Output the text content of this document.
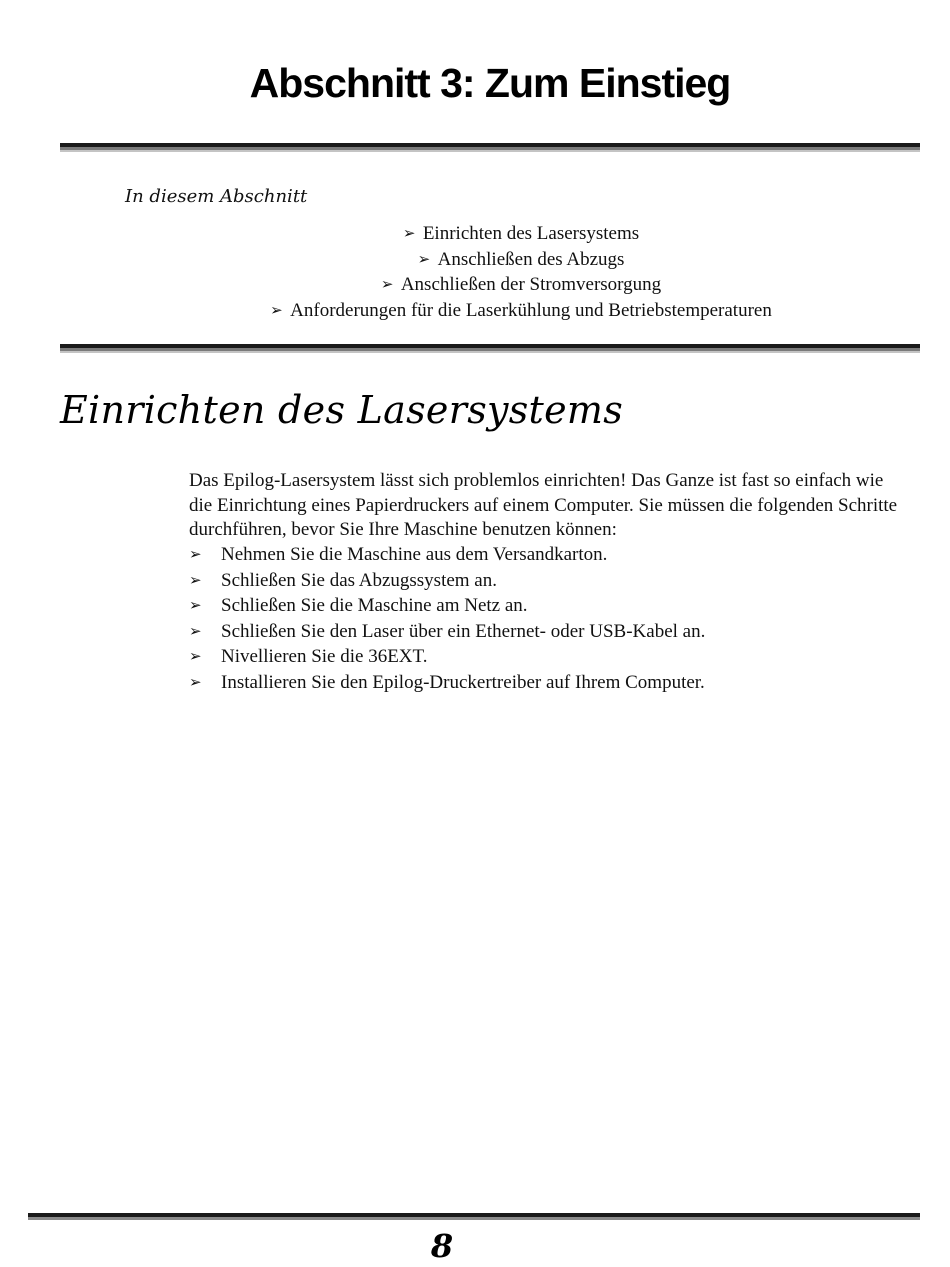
Abschnitt 3: Zum Einstieg

In diesem Abschnitt

➢ Einrichten des Lasersystems
➢ Anschließen des Abzugs
➢ Anschließen der Stromversorgung
➢ Anforderungen für die Laserkühlung und Betriebstemperaturen
Einrichten des Lasersystems

Das Epilog-Lasersystem lässt sich problemlos einrichten! Das Ganze ist fast so einfach wie die Einrichtung eines Papierdruckers auf einem Computer. Sie müssen die folgenden Schritte durchführen, bevor Sie Ihre Maschine benutzen können:

➢ Nehmen Sie die Maschine aus dem Versandkarton.
➢ Schließen Sie das Abzugssystem an.
➢ Schließen Sie die Maschine am Netz an.
➢ Schließen Sie den Laser über ein Ethernet- oder USB-Kabel an.
➢ Nivellieren Sie die 36EXT.
➢ Installieren Sie den Epilog-Druckertreiber auf Ihrem Computer.

8
